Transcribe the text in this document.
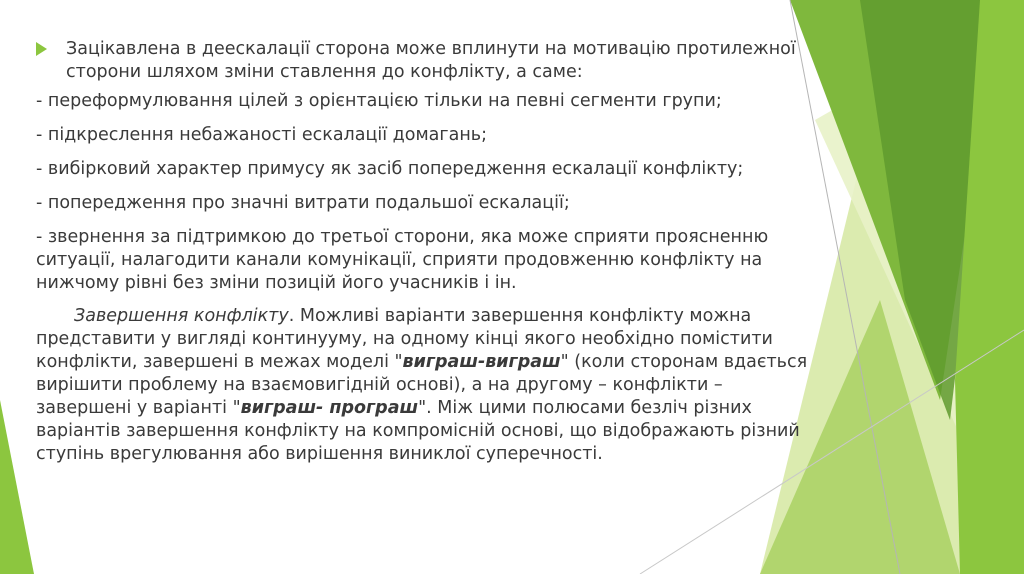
Зацікавлена в деескалації сторона може вплинути на мотивацію протилежної сторони шляхом зміни ставлення до конфлікту, а саме:

- переформулювання цілей з орієнтацією тільки на певні сегменти групи;

- підкреслення небажаності ескалації домагань;

- вибірковий характер примусу як засіб попередження ескалації конфлікту;

- попередження про значні витрати подальшої ескалації;

- звернення за підтримкою до третьої сторони, яка може сприяти проясненню ситуації, налагодити канали комунікації, сприяти продовженню конфлікту на нижчому рівні без зміни позицій його учасників і ін.

Завершення конфлікту. Можливі варіанти завершення конфлікту можна представити у вигляді континууму, на одному кінці якого необхідно помістити конфлікти, завершені в межах моделі "виграш-виграш" (коли сторонам вдається вирішити проблему на взаємовигідній основі), а на другому – конфлікти – завершені у варіанті "виграш- програш". Між цими полюсами безліч різних варіантів завершення конфлікту на компромісній основі, що відображають різний ступінь врегулювання або вирішення виниклої суперечності.
